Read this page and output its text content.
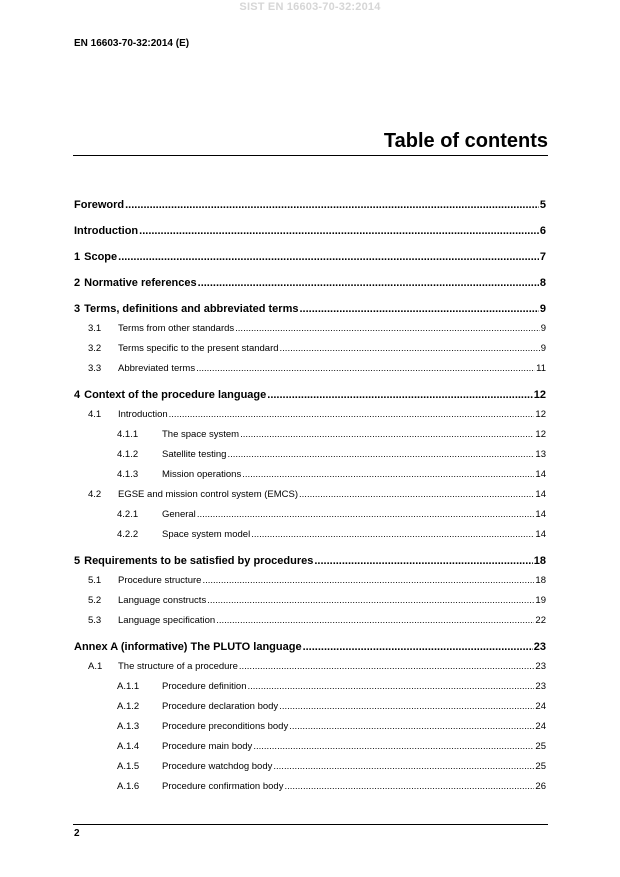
SIST EN 16603-70-32:2014
EN 16603-70-32:2014 (E)
Table of contents
Foreword .....	5
Introduction .....	6
1 Scope .....	7
2 Normative references .....	8
3 Terms, definitions and abbreviated terms .....	9
3.1	Terms from other standards .....	9
3.2	Terms specific to the present standard .....	9
3.3	Abbreviated terms .....	11
4 Context of the procedure language .....	12
4.1	Introduction .....	12
4.1.1	The space system .....	12
4.1.2	Satellite testing .....	13
4.1.3	Mission operations .....	14
4.2	EGSE and mission control system (EMCS) .....	14
4.2.1	General .....	14
4.2.2	Space system model .....	14
5 Requirements to be satisfied by procedures .....	18
5.1	Procedure structure .....	18
5.2	Language constructs .....	19
5.3	Language specification .....	22
Annex A (informative) The PLUTO language .....	23
A.1	The structure of a procedure .....	23
A.1.1	Procedure definition .....	23
A.1.2	Procedure declaration body .....	24
A.1.3	Procedure preconditions body .....	24
A.1.4	Procedure main body .....	25
A.1.5	Procedure watchdog body .....	25
A.1.6	Procedure confirmation body .....	26
2
